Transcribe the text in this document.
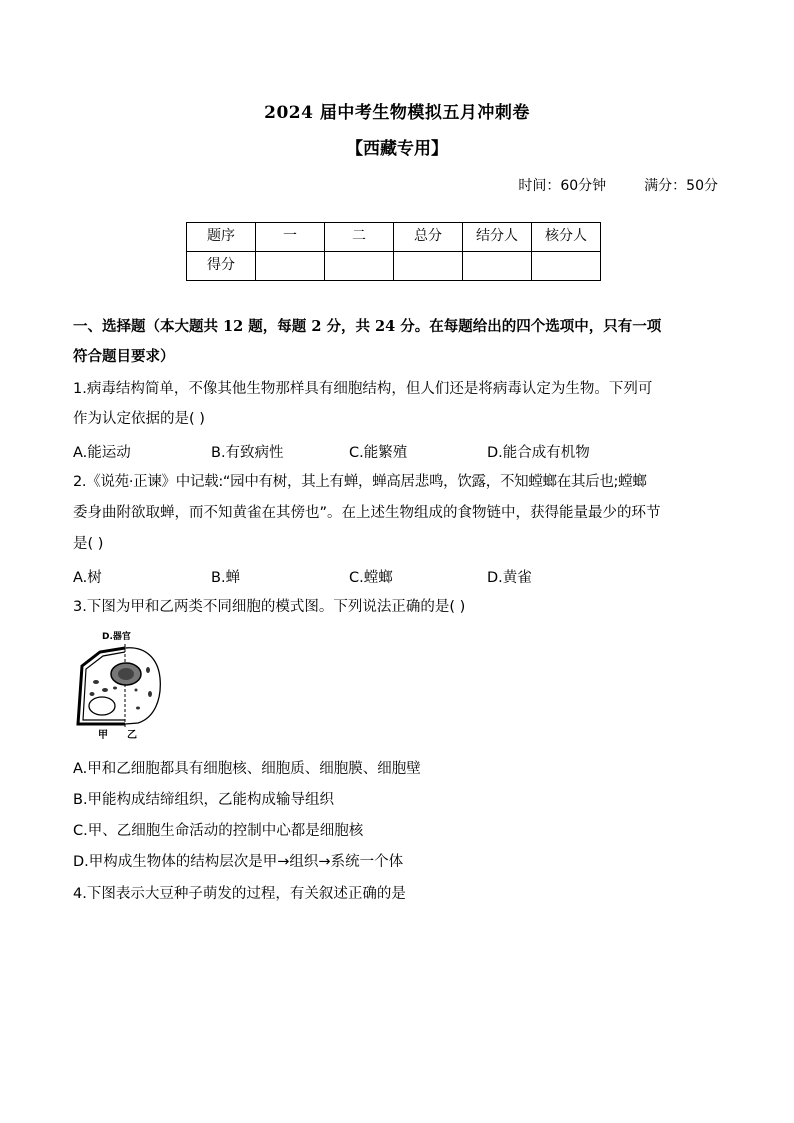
2024 届中考生物模拟五月冲刺卷
【西藏专用】
时间：60分钟	满分：50分
题序	一	二	总分	结分人	核分人
得分					
一、选择题（本大题共 12 题，每题 2 分，共 24 分。在每题给出的四个选项中，只有一项
符合题目要求）
1.病毒结构简单，不像其他生物那样具有细胞结构，但人们还是将病毒认定为生物。下列可
作为认定依据的是( )
A.能运动	B.有致病性	C.能繁殖	D.能合成有机物
2.《说苑·正谏》中记载:“园中有树，其上有蝉，蝉高居悲鸣，饮露，不知螳螂在其后也;螳螂
委身曲附欲取蝉，而不知黄雀在其傍也”。在上述生物组成的食物链中，获得能量最少的环节
是( )
A.树	B.蝉	C.螳螂	D.黄雀
3.下图为甲和乙两类不同细胞的模式图。下列说法正确的是( )
D.器官
甲 乙
A.甲和乙细胞都具有细胞核、细胞质、细胞膜、细胞壁
B.甲能构成结缔组织，乙能构成输导组织
C.甲、乙细胞生命活动的控制中心都是细胞核
D.甲构成生物体的结构层次是甲→组织→系统一个体
4.下图表示大豆种子萌发的过程，有关叙述正确的是
